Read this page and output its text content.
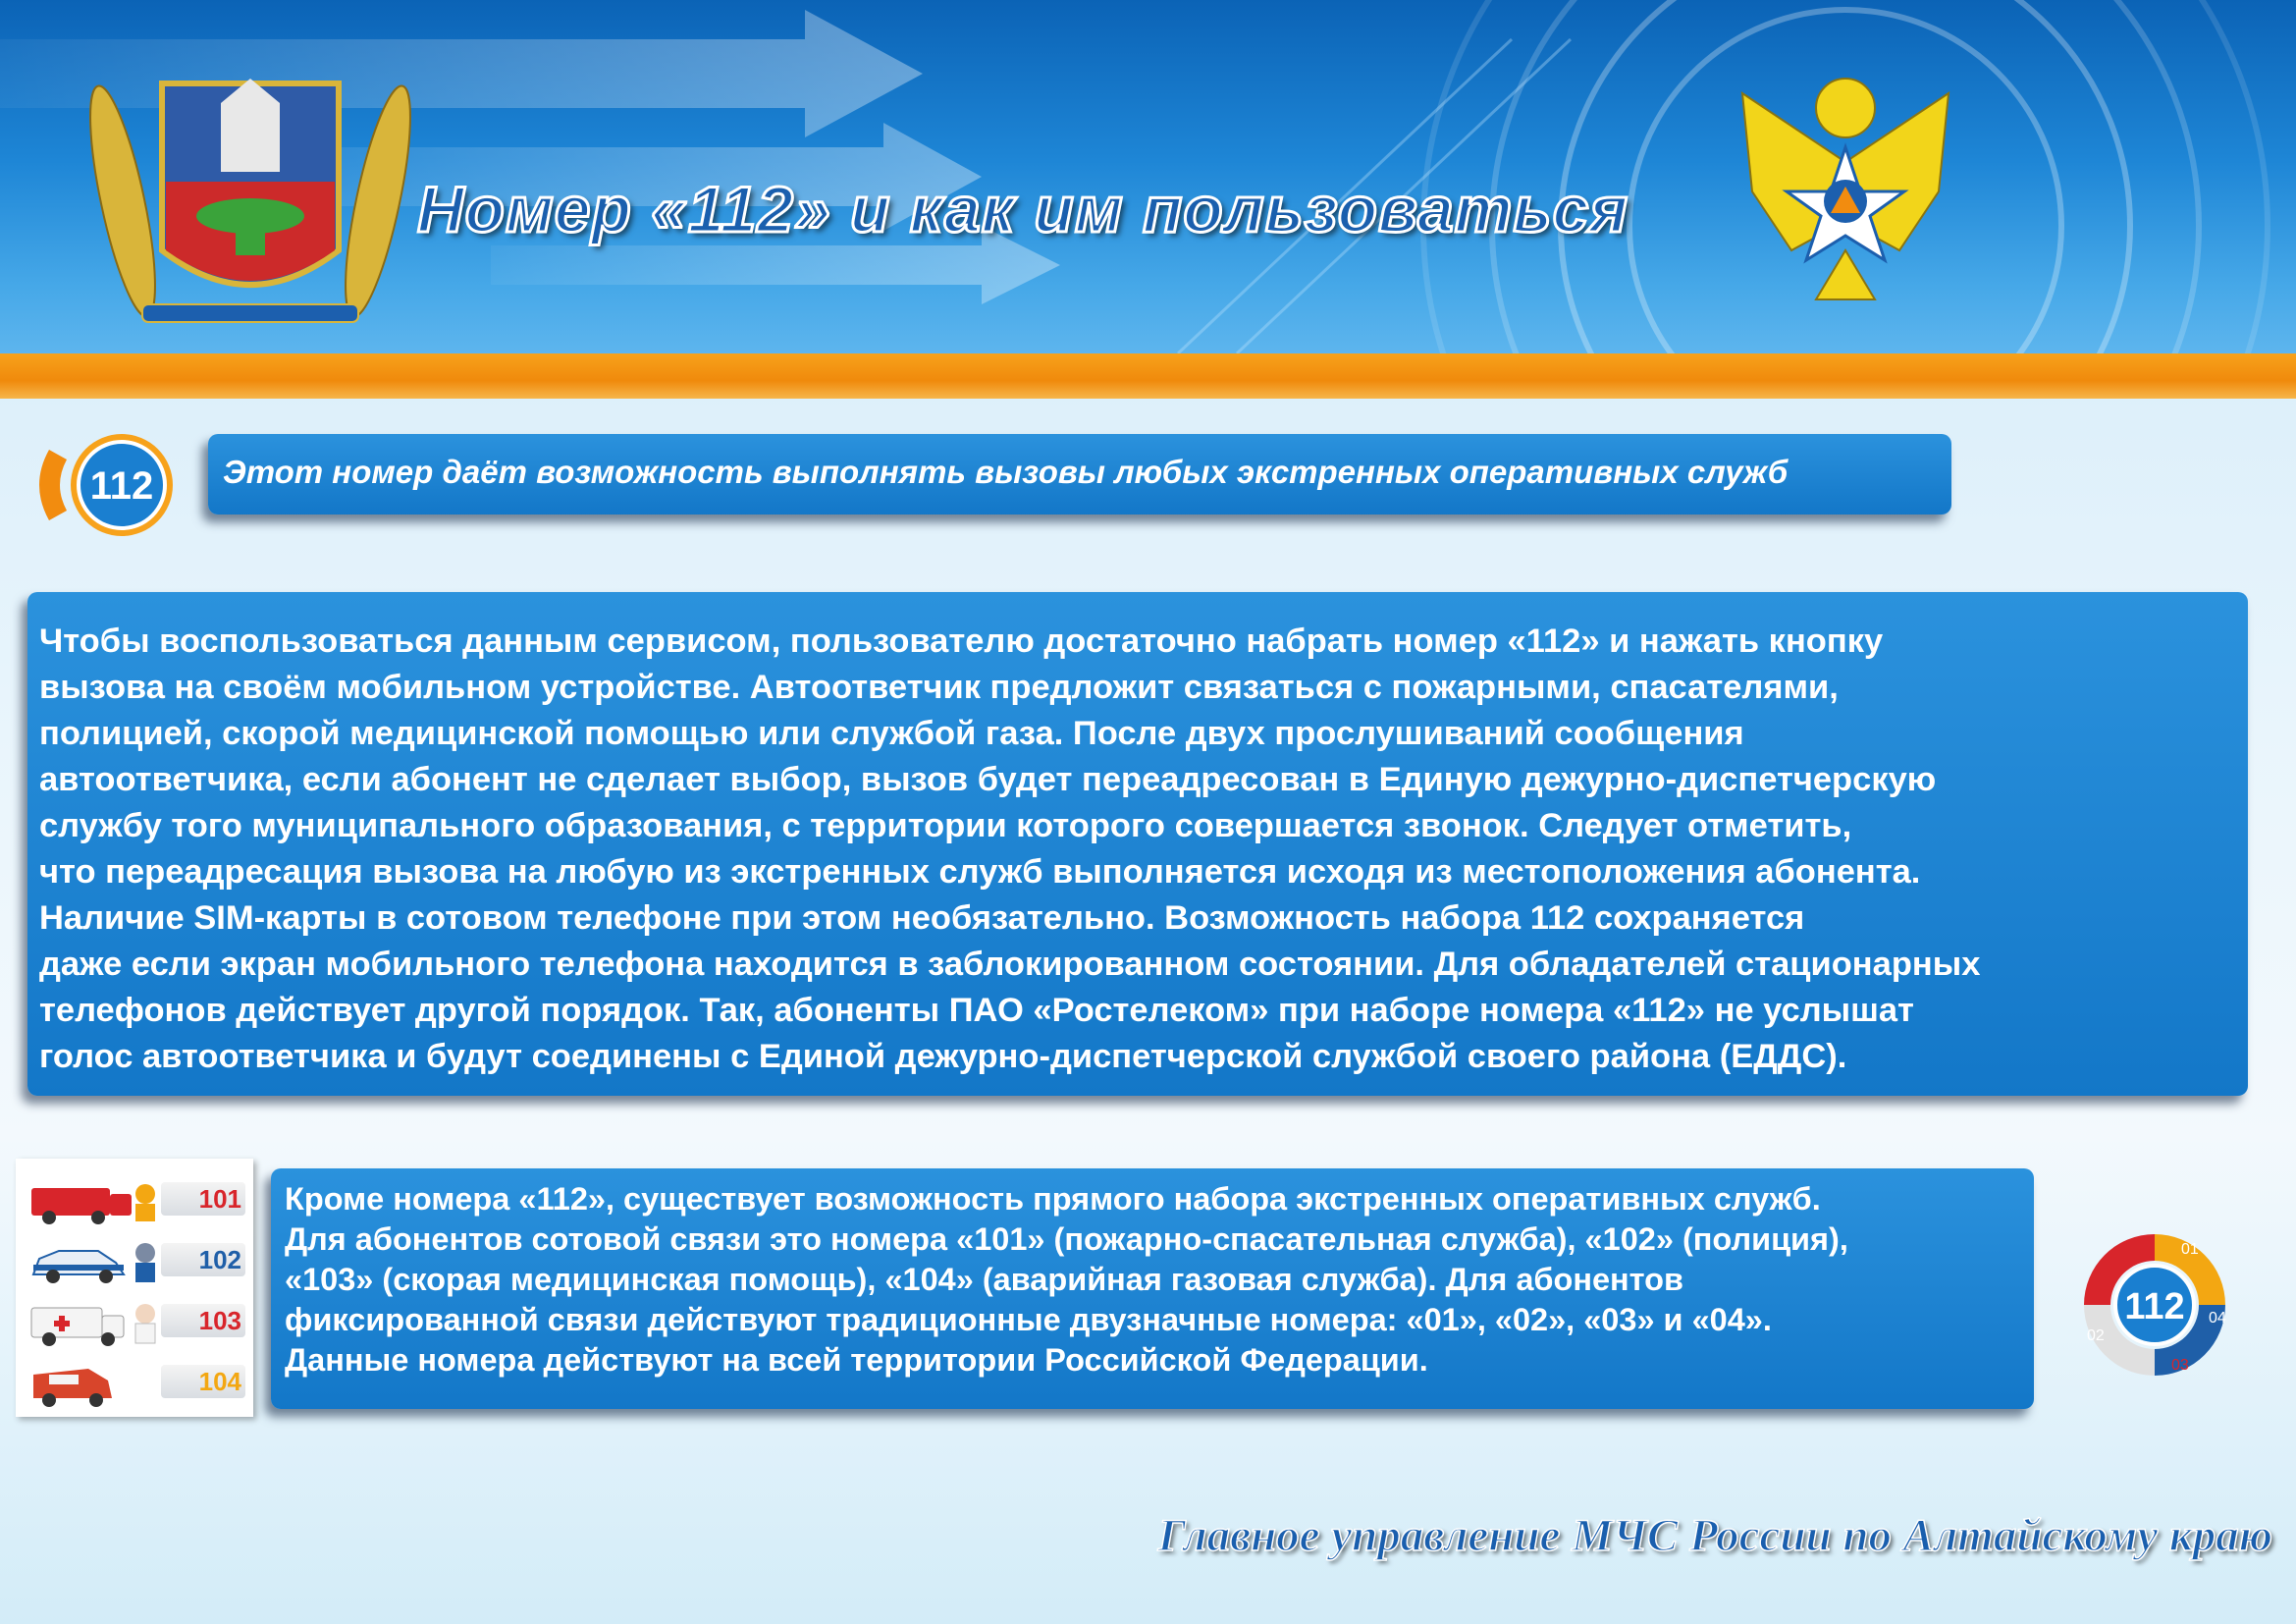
Номер «112» и как им пользоваться
112 Этот номер даёт возможность выполнять вызовы любых экстренных оперативных служб
Чтобы воспользоваться данным сервисом, пользователю достаточно набрать номер «112» и нажать кнопку
вызова на своём мобильном устройстве. Автоответчик предложит связаться с пожарными, спасателями,
полицией, скорой медицинской помощью или службой газа. После двух прослушиваний сообщения
автоответчика, если абонент не сделает выбор, вызов будет переадресован в Единую дежурно-диспетчерскую
службу того муниципального образования, с территории которого совершается звонок. Следует отметить,
что переадресация вызова на любую из экстренных служб выполняется исходя из местоположения абонента.
Наличие SIM-карты в сотовом телефоне при этом необязательно. Возможность набора 112 сохраняется
даже если экран мобильного телефона находится в заблокированном состоянии. Для обладателей стационарных
телефонов действует другой порядок. Так, абоненты ПАО «Ростелеком» при наборе номера «112» не услышат
голос автоответчика и будут соединены с Единой дежурно-диспетчерской службой своего района (ЕДДС).
101
102
103
104
Кроме номера «112», существует возможность прямого набора экстренных оперативных служб.
Для абонентов сотовой связи это номера «101» (пожарно-спасательная служба), «102» (полиция),
«103» (скорая медицинская помощь), «104» (аварийная газовая служба). Для абонентов
фиксированной связи действуют традиционные двузначные номера: «01», «02», «03» и «04».
Данные номера действуют на всей территории Российской Федерации.
112
01
02
03
04
Главное управление МЧС России по Алтайскому краю
